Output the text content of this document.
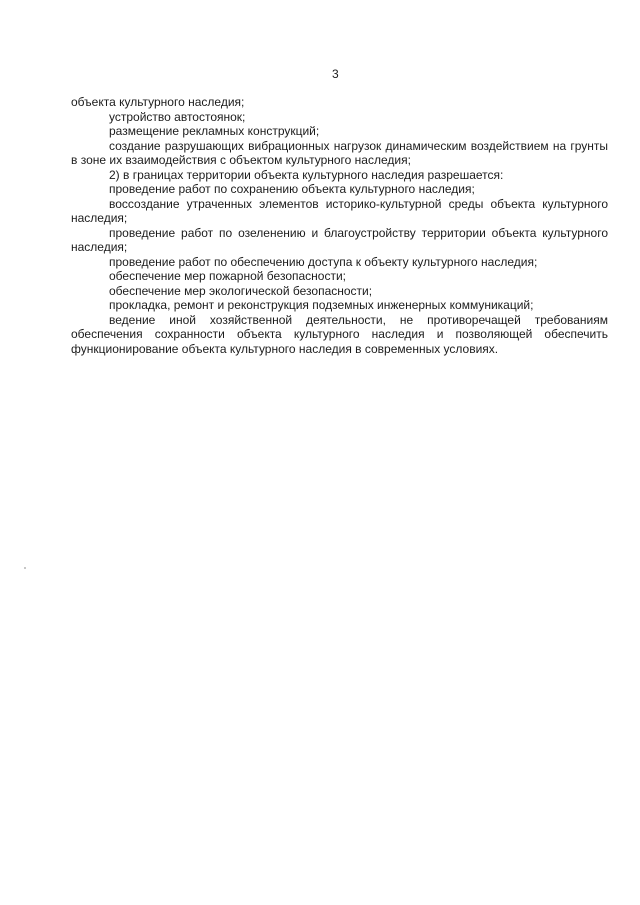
3

объекта культурного наследия;

устройство автостоянок;

размещение рекламных конструкций;

создание разрушающих вибрационных нагрузок динамическим воздействием на грунты в зоне их взаимодействия с объектом культурного наследия;

2) в границах территории объекта культурного наследия разрешается:

проведение работ по сохранению объекта культурного наследия;

воссоздание утраченных элементов историко-культурной среды объекта культурного наследия;

проведение работ по озеленению и благоустройству территории объекта культурного наследия;

проведение работ по обеспечению доступа к объекту культурного наследия;

обеспечение мер пожарной безопасности;

обеспечение мер экологической безопасности;

прокладка, ремонт и реконструкция подземных инженерных коммуникаций;

ведение иной хозяйственной деятельности, не противоречащей требованиям обеспечения сохранности объекта культурного наследия и позволяющей обеспечить функционирование объекта культурного наследия в современных условиях.
